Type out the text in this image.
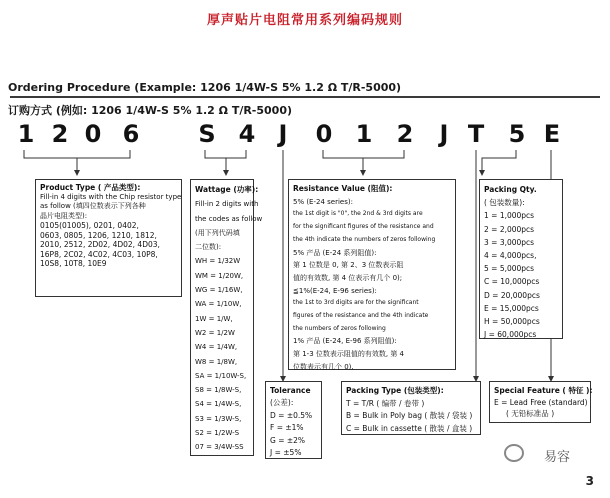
厚声贴片电阻常用系列编码规则
Ordering Procedure (Example: 1206 1/4W-S 5% 1.2 Ω T/R-5000)
订购方式 (例如: 1206 1/4W-S 5% 1.2 Ω T/R-5000)
1 2 0 6 S 4 J	0 1 2	J T 5 E
Product Type ( 产品类型):
Fill-in 4 digits with the Chip resistor type
as follow (填四位数表示下列各种
晶片电阻类型):
0105(01005), 0201, 0402,
0603, 0805, 1206, 1210, 1812,
2010, 2512, 2D02, 4D02, 4D03,
16P8, 2C02, 4C02, 4C03, 10P8,
10S8, 10T8, 10E9
Wattage (功率):
Fill-in 2 digits with
the codes as follow
(用下列代码填
二位数):
WH = 1/32W
WM = 1/20W,
WG = 1/16W,
WA = 1/10W,
1W = 1/W,
W2 = 1/2W
W4 = 1/4W,
W8 = 1/8W,
SA = 1/10W-S,
S8 = 1/8W-S,
S4 = 1/4W-S,
S3 = 1/3W-S,
S2 = 1/2W-S
07 = 3/4W-SS
Resistance Value (阻值):
5% (E-24 series):
the 1st digit is "0", the 2nd & 3rd digits are
for the significant figures of the resistance and
the 4th indicate the numbers of zeros following
5% 产品 (E-24 系列阻值):
第 1 位数是 0, 第 2、3 位数表示阻
值的有效数, 第 4 位表示有几个 0);
≦1%(E-24, E-96 series):
the 1st to 3rd digits are for the significant
figures of the resistance and the 4th indicate
the numbers of zeros following
1% 产品 (E-24, E-96 系列阻值):
第 1-3 位数表示阻值的有效数, 第 4
位数表示有几个 0).
Packing Qty.
( 包装数量):
1 = 1,000pcs
2 = 2,000pcs
3 = 3,000pcs
4 = 4,000pcs,
5 = 5,000pcs
C = 10,000pcs
D = 20,000pcs
E = 15,000pcs
H = 50,000pcs
J = 60,000pcs
Tolerance
(公差):
D = ±0.5%
F = ±1%
G = ±2%
J = ±5%
Packing Type (包装类型):
T = T/R ( 编带 / 卷带 )
B = Bulk in Poly bag ( 散装 / 袋装 )
C = Bulk in cassette ( 散装 / 盒装 )
Special Feature ( 特征 ):
E = Lead Free (standard)
( 无铅标准品 )
易容
3
